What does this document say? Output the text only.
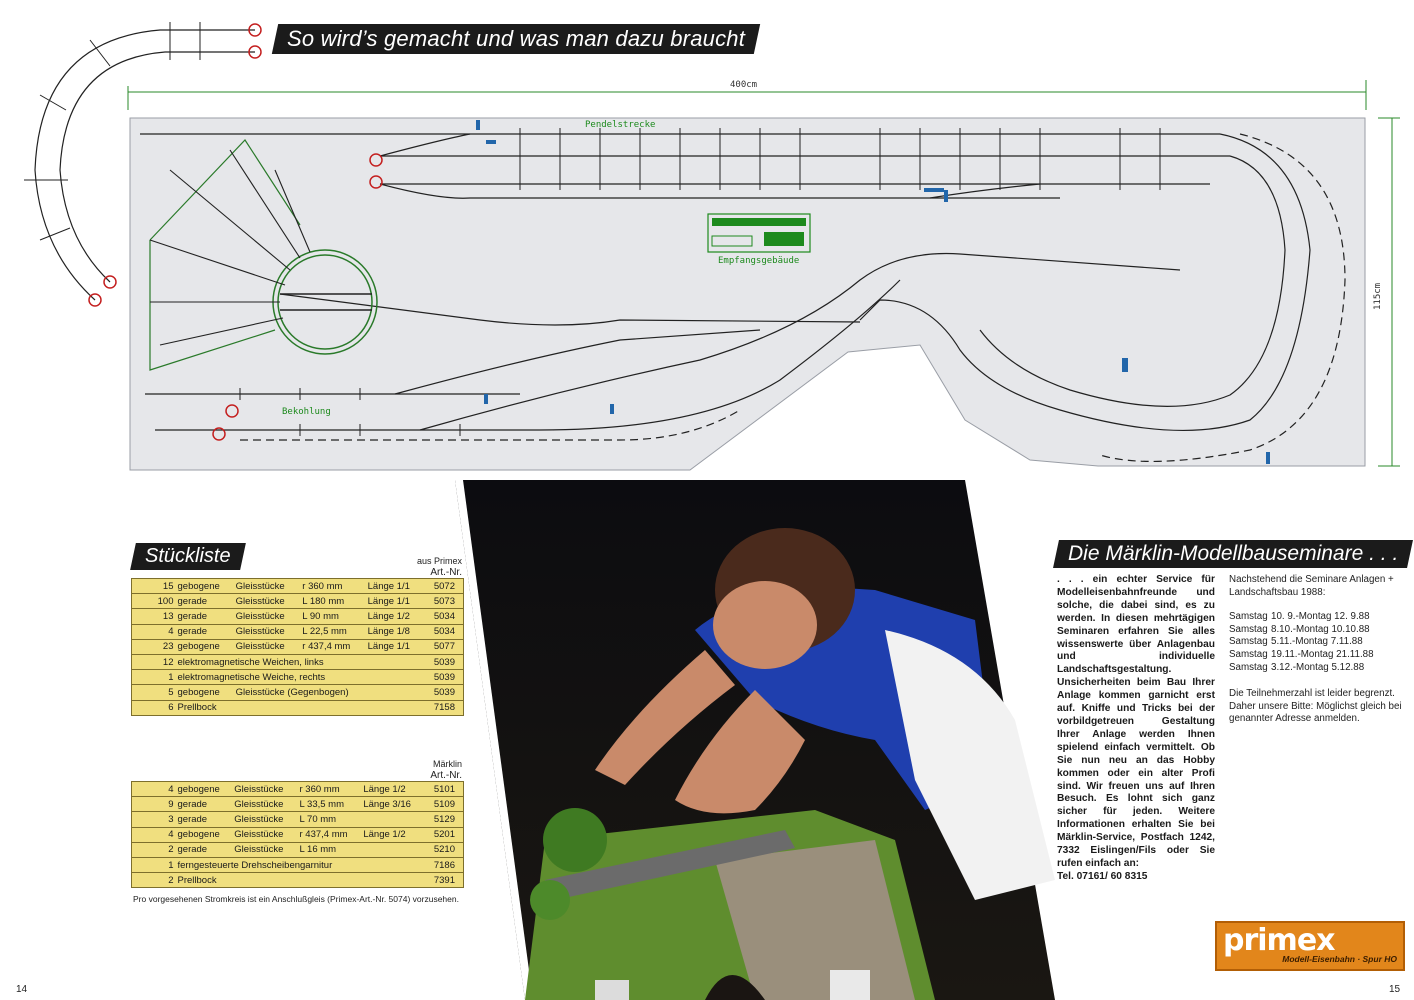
400cm
115cm
Pendelstrecke
Empfangsgebäude
Bekohlung
So wird’s gemacht und was man dazu braucht
Stückliste	aus Primex
Art.-Nr.
15	gebogene	Gleisstücke	r 360 mm	Länge 1/1	5072
100	gerade	Gleisstücke	L 180 mm	Länge 1/1	5073
13	gerade	Gleisstücke	L 90 mm	Länge 1/2	5034
4	gerade	Gleisstücke	L 22,5 mm	Länge 1/8	5034
23	gebogene	Gleisstücke	r 437,4 mm	Länge 1/1	5077
12	elektromagnetische Weichen, links				5039
1	elektromagnetische Weiche, rechts				5039
5	gebogene	Gleisstücke (Gegenbogen)			5039
6	Prellbock				7158
Märklin
Art.-Nr.
4	gebogene	Gleisstücke	r 360 mm	Länge 1/2	5101
9	gerade	Gleisstücke	L 33,5 mm	Länge 3/16	5109
3	gerade	Gleisstücke	L 70 mm		5129
4	gebogene	Gleisstücke	r 437,4 mm	Länge 1/2	5201
2	gerade	Gleisstücke	L 16 mm		5210
1	ferngesteuerte Drehscheibengarnitur				7186
2	Prellbock				7391
Pro vorgesehenen Stromkreis ist ein Anschlußgleis (Primex-Art.-Nr. 5074) vorzusehen.
Die Märklin-Modellbauseminare . . .
. . . ein echter Service für Modelleisenbahnfreunde und solche, die dabei sind, es zu werden. In diesen mehrtägigen Seminaren erfahren Sie alles wissenswerte über Anlagenbau und individuelle Landschaftsgestaltung. Unsicherheiten beim Bau Ihrer Anlage kommen garnicht erst auf. Kniffe und Tricks bei der vorbildgetreuen Gestaltung Ihrer Anlage werden Ihnen spielend einfach vermittelt. Ob Sie nun neu an das Hobby kommen oder ein alter Profi sind. Wir freuen uns auf Ihren Besuch. Es lohnt sich ganz sicher für jeden. Weitere Informationen erhalten Sie bei Märklin-Service, Postfach 1242, 7332 Eislingen/Fils oder Sie rufen einfach an:
Tel. 07161/ 60 8315
Nachstehend die Seminare Anlagen + Landschaftsbau 1988:
Samstag 10. 9.-Montag 12. 9.88
Samstag 8.10.-Montag 10.10.88
Samstag 5.11.-Montag 7.11.88
Samstag 19.11.-Montag 21.11.88
Samstag 3.12.-Montag 5.12.88
Die Teilnehmerzahl ist leider begrenzt. Daher unsere Bitte: Möglichst gleich bei genannter Adresse anmelden.
primex
Modell-Eisenbahn · Spur HO
14	15
